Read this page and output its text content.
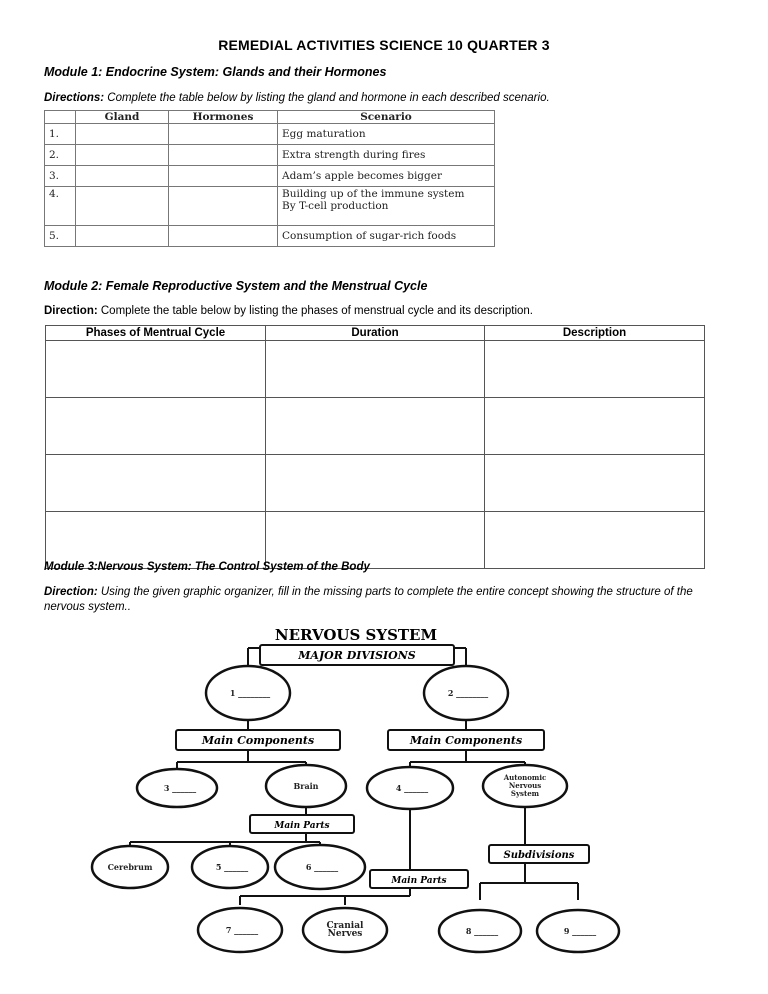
REMEDIAL ACTIVITIES SCIENCE 10 QUARTER 3
Module 1: Endocrine System: Glands and their Hormones
Directions: Complete the table below by listing the gland and hormone in each described scenario.
	Gland	Hormones	Scenario
1.			Egg maturation
2.			Extra strength during fires
3.			Adam’s apple becomes bigger
4.			Building up of the immune system
By T-cell production

5.			Consumption of sugar-rich foods
Module 2: Female Reproductive System and the Menstrual Cycle
Direction: Complete the table below by listing the phases of menstrual cycle and its description.
Phases of Mentrual Cycle	Duration	Description

Module 3:Nervous System: The Control System of the Body
Direction: Using the given graphic organizer, fill in the missing parts to complete the entire concept showing the structure of the nervous system..
NERVOUS SYSTEM
MAJOR DIVISIONS
Main Components	Main Components
Main Parts
Main Parts
Subdivisions
1 ________	2 ________
3 ______	Brain	4 ______
Autonomic
Nervous
System
Cerebrum	5 ______	6 ______
7 ______	Cranial
Nerves	8 ______	9 ______
